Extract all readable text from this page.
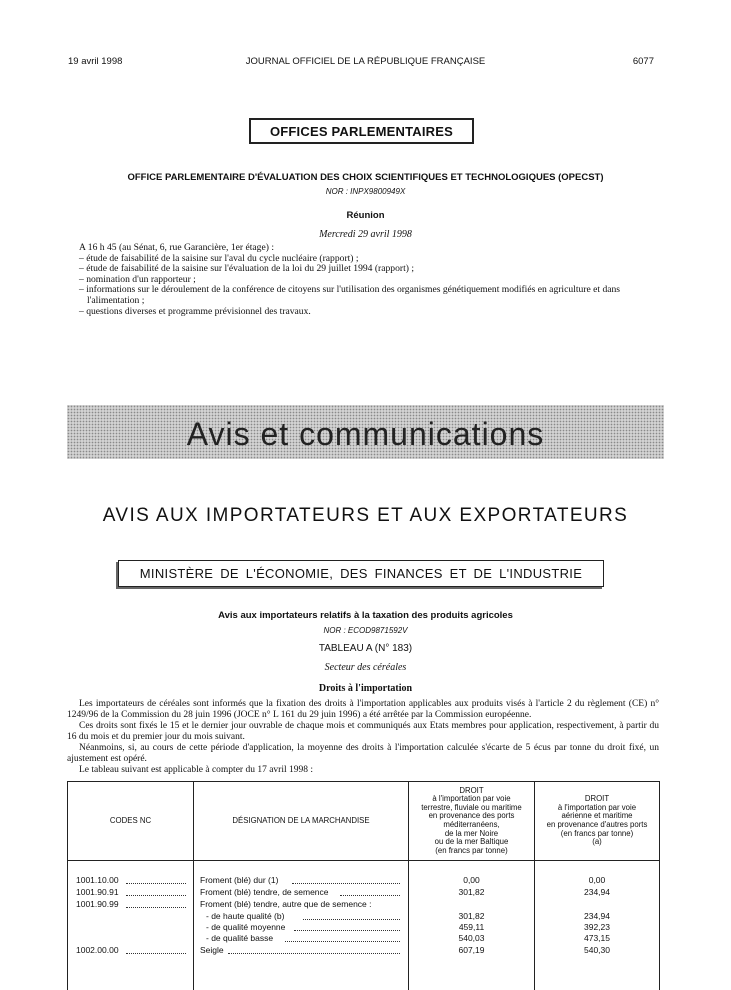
19 avril 1998	JOURNAL OFFICIEL DE LA RÉPUBLIQUE FRANÇAISE	6077
OFFICES PARLEMENTAIRES
OFFICE PARLEMENTAIRE D'ÉVALUATION DES CHOIX SCIENTIFIQUES ET TECHNOLOGIQUES (OPECST)
NOR : INPX9800949X
Réunion
Mercredi 29 avril 1998
A 16 h 45 (au Sénat, 6, rue Garancière, 1er étage) :
– étude de faisabilité de la saisine sur l'aval du cycle nucléaire (rapport) ;
– étude de faisabilité de la saisine sur l'évaluation de la loi du 29 juillet 1994 (rapport) ;
– nomination d'un rapporteur ;
– informations sur le déroulement de la conférence de citoyens sur l'utilisation des organismes génétiquement modifiés en agriculture et dans l'alimentation ;
– questions diverses et programme prévisionnel des travaux.
Avis et communications
AVIS AUX IMPORTATEURS ET AUX EXPORTATEURS
MINISTÈRE DE L'ÉCONOMIE, DES FINANCES ET DE L'INDUSTRIE
Avis aux importateurs relatifs à la taxation des produits agricoles
NOR : ECOD9871592V
TABLEAU A (N° 183)
Secteur des céréales
Droits à l'importation

Les importateurs de céréales sont informés que la fixation des droits à l'importation applicables aux produits visés à l'article 2 du règlement (CE) n° 1249/96 de la Commission du 28 juin 1996 (JOCE n° L 161 du 29 juin 1996) a été arrêtée par la Commission européenne.

Ces droits sont fixés le 15 et le dernier jour ouvrable de chaque mois et communiqués aux Etats membres pour application, respectivement, à partir du 16 du mois et du premier jour du mois suivant.

Néanmoins, si, au cours de cette période d'application, la moyenne des droits à l'importation calculée s'écarte de 5 écus par tonne du droit fixé, un ajustement est opéré.

Le tableau suivant est applicable à compter du 17 avril 1998 :

CODES NC	DÉSIGNATION DE LA MARCHANDISE
DROIT
à l'importation par voie
terrestre, fluviale ou maritime
en provenance des ports
méditerranéens,
de la mer Noire
ou de la mer Baltique
(en francs par tonne)
DROIT
à l'importation par voie
aérienne et maritime
en provenance d'autres ports
(en francs par tonne)
(a)
1001.10.00	Froment (blé) dur (1)	0,00	0,00
1001.90.91	Froment (blé) tendre, de semence	301,82	234,94
1001.90.99	Froment (blé) tendre, autre que de semence :
- de haute qualité (b)	301,82	234,94
- de qualité moyenne	459,11	392,23
- de qualité basse	540,03	473,15
1002.00.00	Seigle	607,19	540,30
